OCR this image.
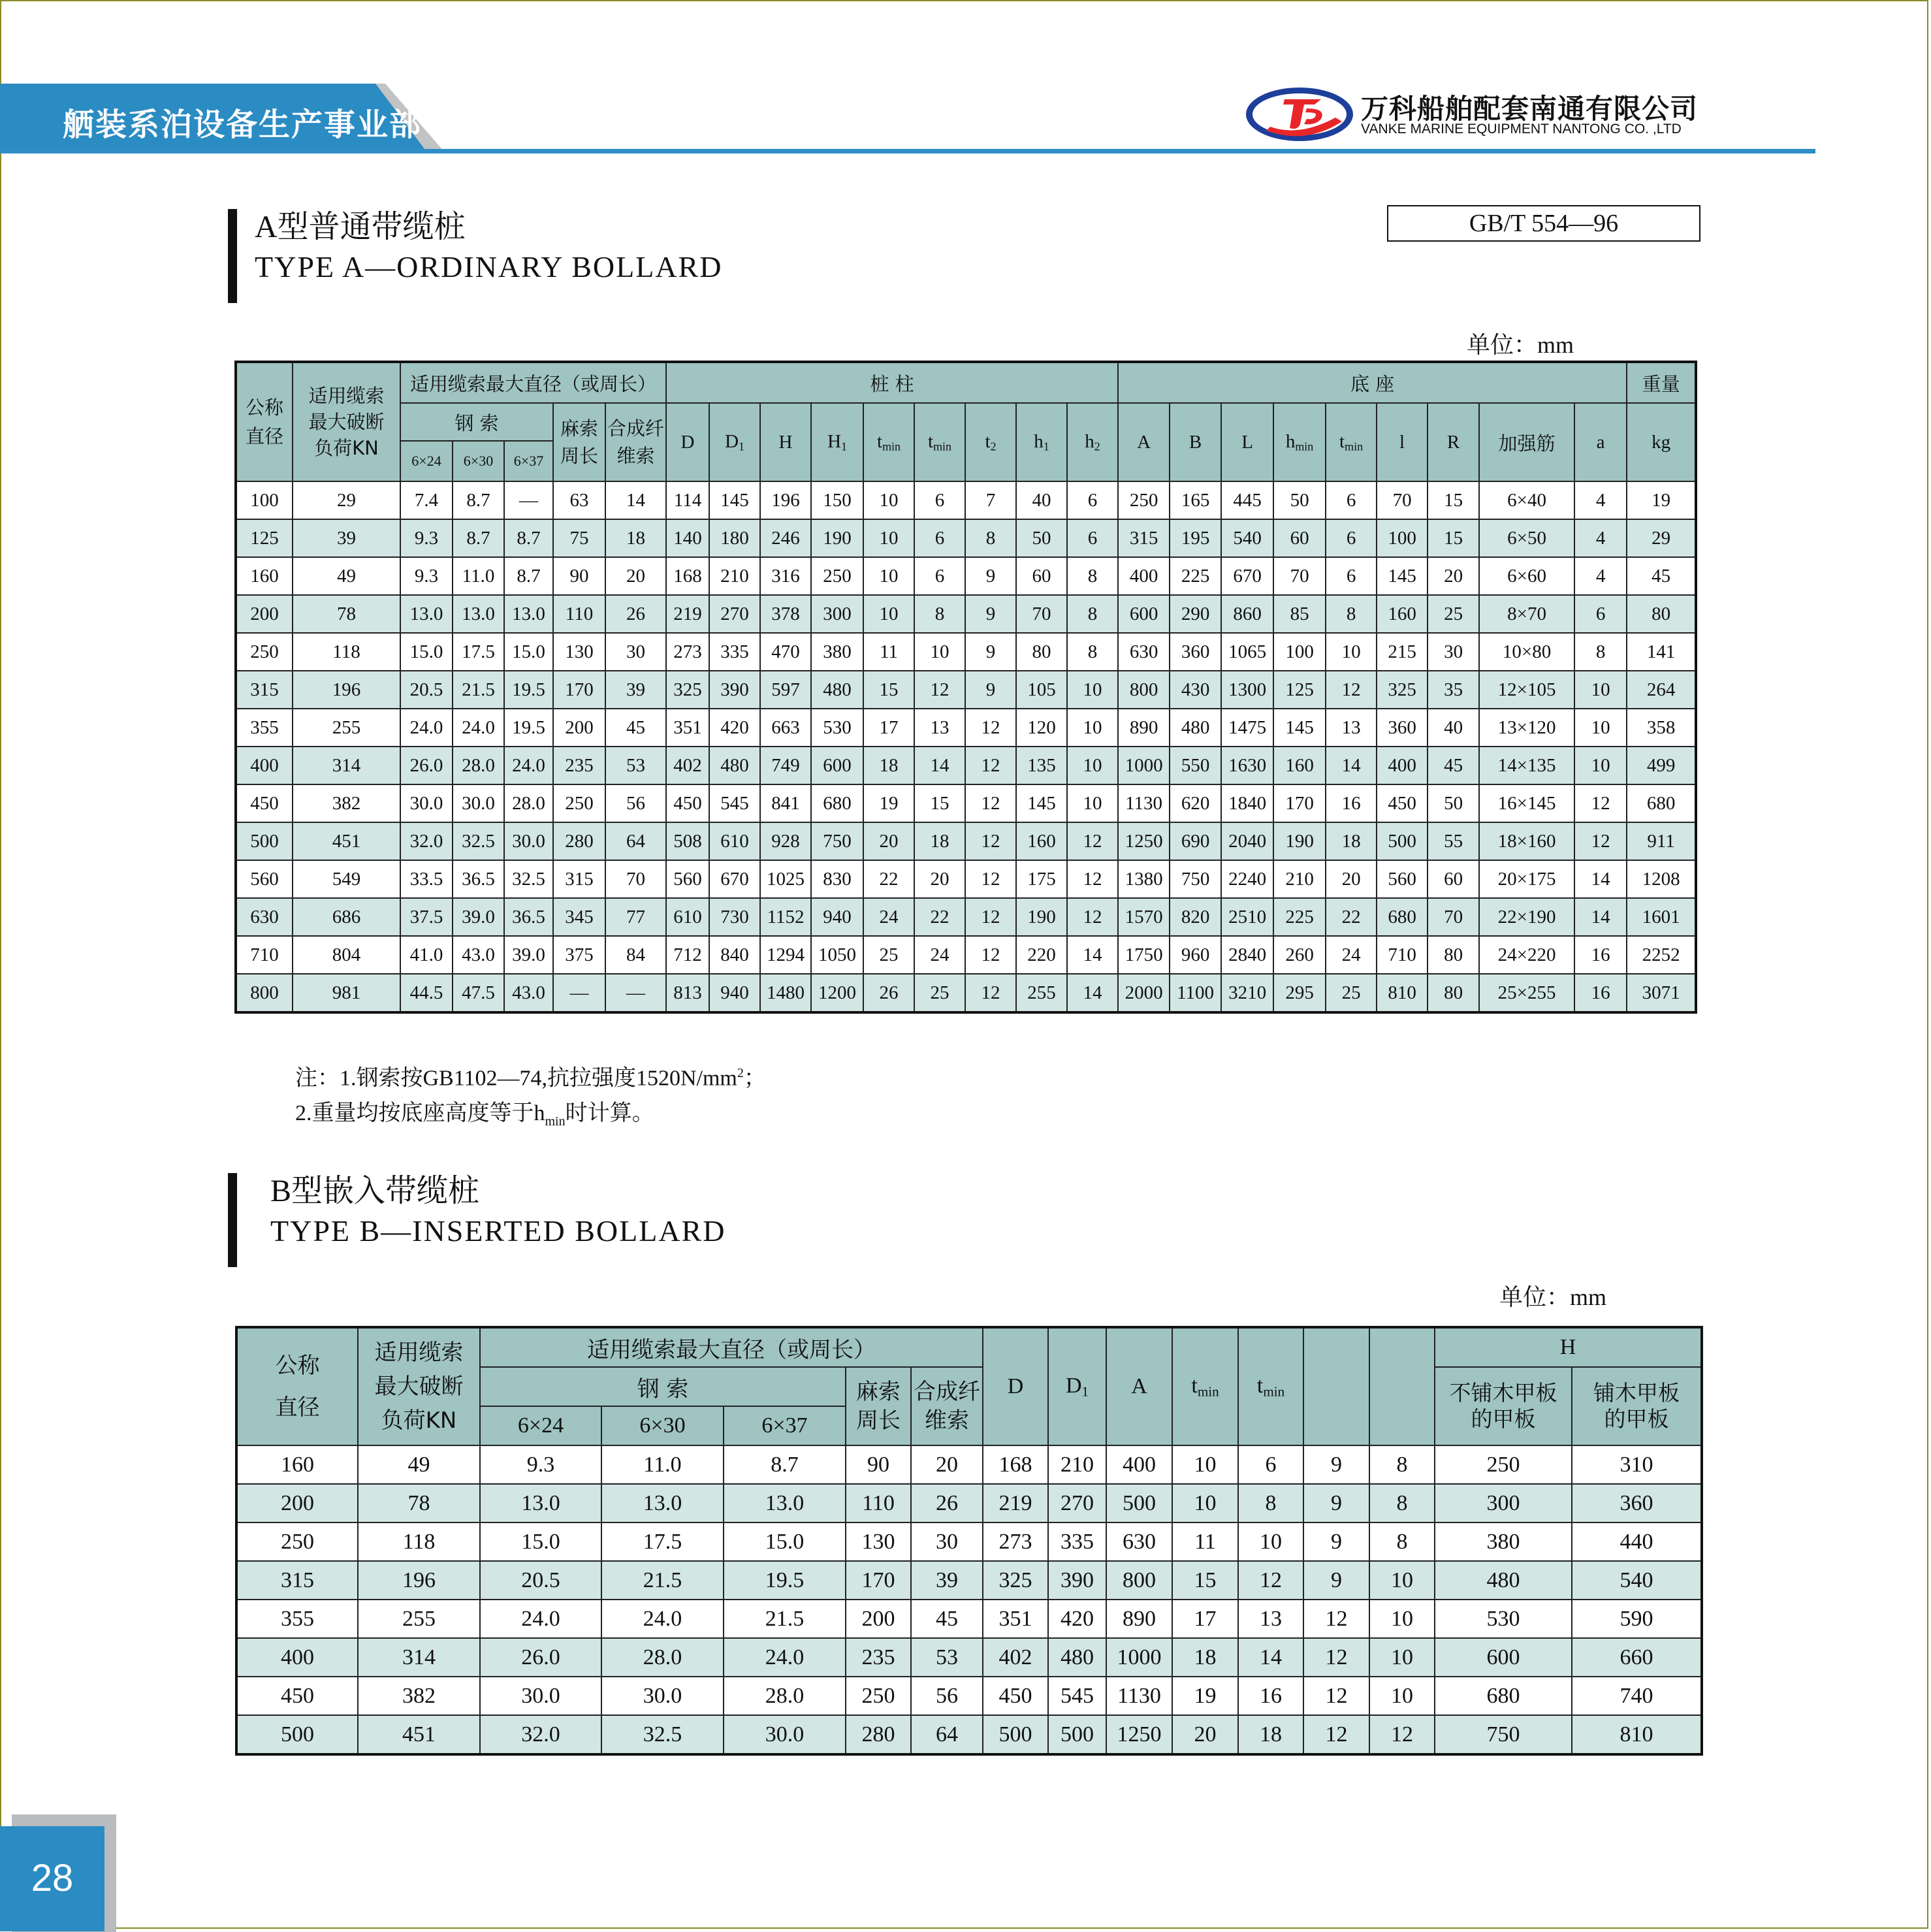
舾装系泊设备生产事业部	万科船舶配套南通有限公司
VANKE MARINE EQUIPMENT NANTONG CO. ,LTD
A型普通带缆桩
TYPE A—ORDINARY BOLLARD
GB/T 554—96
单位：mm
公称
直径	适用缆索
最大破断
负荷KN	适用缆索最大直径（或周长）					桩 柱									底 座									重量
		钢 索			麻索
周长	合成纤
维索	D	$D_1$	H	$H_1$	$t_{min}$	$t_{min}$	$t_2$	$h_1$	$h_2$	A	B	L	$h_{min}$	$t_{min}$	l	R	加强筋	a	kg
		6×24	6×30	6×37																					
100	29	7.4	8.7	—	63	14	114	145	196	150	10	6	7	40	6	250	165	445	50	6	70	15	6×40	4	19
125	39	9.3	8.7	8.7	75	18	140	180	246	190	10	6	8	50	6	315	195	540	60	6	100	15	6×50	4	29
160	49	9.3	11.0	8.7	90	20	168	210	316	250	10	6	9	60	8	400	225	670	70	6	145	20	6×60	4	45
200	78	13.0	13.0	13.0	110	26	219	270	378	300	10	8	9	70	8	600	290	860	85	8	160	25	8×70	6	80
250	118	15.0	17.5	15.0	130	30	273	335	470	380	11	10	9	80	8	630	360	1065	100	10	215	30	10×80	8	141
315	196	20.5	21.5	19.5	170	39	325	390	597	480	15	12	9	105	10	800	430	1300	125	12	325	35	12×105	10	264
355	255	24.0	24.0	19.5	200	45	351	420	663	530	17	13	12	120	10	890	480	1475	145	13	360	40	13×120	10	358
400	314	26.0	28.0	24.0	235	53	402	480	749	600	18	14	12	135	10	1000	550	1630	160	14	400	45	14×135	10	499
450	382	30.0	30.0	28.0	250	56	450	545	841	680	19	15	12	145	10	1130	620	1840	170	16	450	50	16×145	12	680
500	451	32.0	32.5	30.0	280	64	508	610	928	750	20	18	12	160	12	1250	690	2040	190	18	500	55	18×160	12	911
560	549	33.5	36.5	32.5	315	70	560	670	1025	830	22	20	12	175	12	1380	750	2240	210	20	560	60	20×175	14	1208
630	686	37.5	39.0	36.5	345	77	610	730	1152	940	24	22	12	190	12	1570	820	2510	225	22	680	70	22×190	14	1601
710	804	41.0	43.0	39.0	375	84	712	840	1294	1050	25	24	12	220	14	1750	960	2840	260	24	710	80	24×220	16	2252
800	981	44.5	47.5	43.0	—	—	813	940	1480	1200	26	25	12	255	14	2000	1100	3210	295	25	810	80	25×255	16	3071
注：1.钢索按GB1102—74,抗拉强度$1520N/mm^2$；
2.重量均按底座高度等于$h_{min}$时计算。
B型嵌入带缆桩
TYPE B—INSERTED BOLLARD
单位：mm
公称
直径	适用缆索
最大破断
负荷KN	适用缆索最大直径（或周长）					D	$D_1$	A	$t_{min}$	$t_{min}$			H	
		钢 索			麻索
周长	合成纤
维索								不铺木甲板
的甲板	铺木甲板
的甲板
		6×24	6×30	6×37											
160	49	9.3	11.0	8.7	90	20	168	210	400	10	6	9	8	250	310
200	78	13.0	13.0	13.0	110	26	219	270	500	10	8	9	8	300	360
250	118	15.0	17.5	15.0	130	30	273	335	630	11	10	9	8	380	440
315	196	20.5	21.5	19.5	170	39	325	390	800	15	12	9	10	480	540
355	255	24.0	24.0	21.5	200	45	351	420	890	17	13	12	10	530	590
400	314	26.0	28.0	24.0	235	53	402	480	1000	18	14	12	10	600	660
450	382	30.0	30.0	28.0	250	56	450	545	1130	19	16	12	10	680	740
500	451	32.0	32.5	30.0	280	64	500	500	1250	20	18	12	12	750	810
28
